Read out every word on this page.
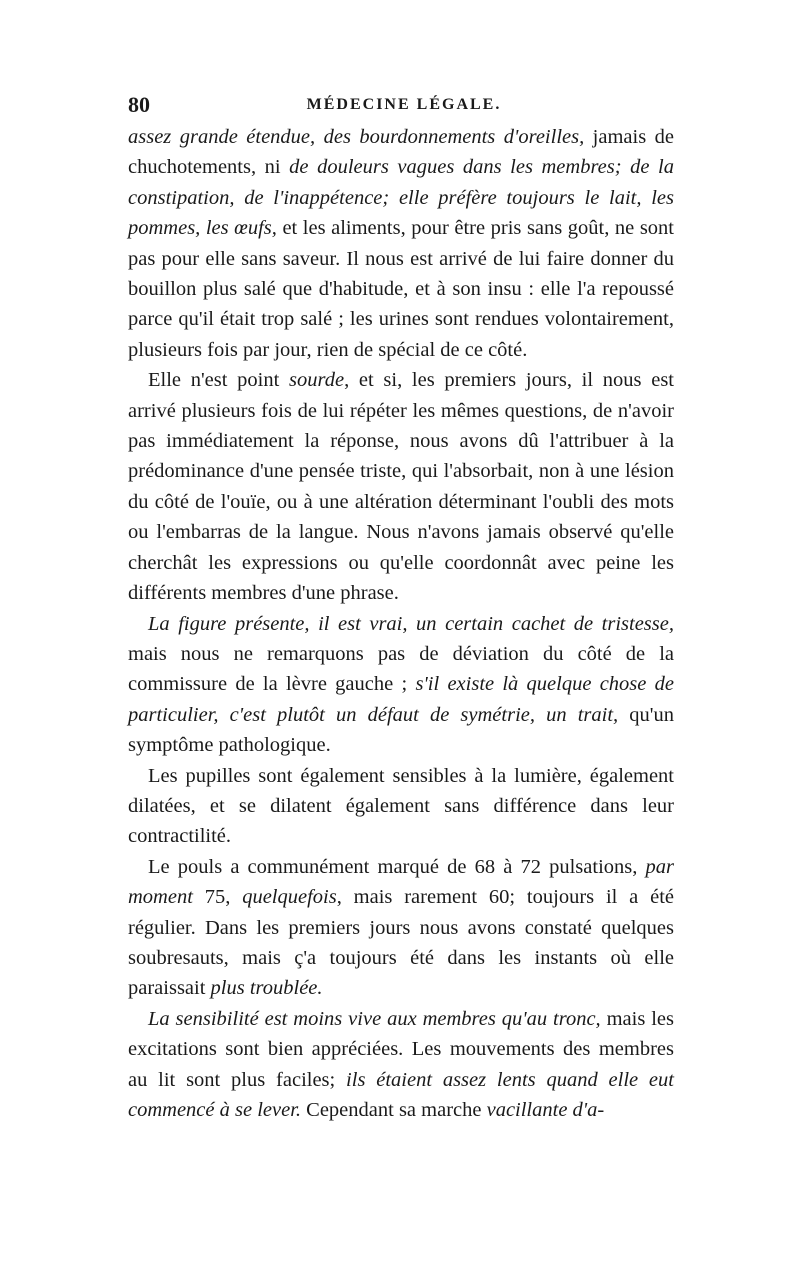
80	MÉDECINE LÉGALE.

assez grande étendue, des bourdonnements d'oreilles, jamais de chuchotements, ni de douleurs vagues dans les membres; de la constipation, de l'inappétence; elle préfère toujours le lait, les pommes, les œufs, et les aliments, pour être pris sans goût, ne sont pas pour elle sans saveur. Il nous est arrivé de lui faire donner du bouillon plus salé que d'habitude, et à son insu : elle l'a repoussé parce qu'il était trop salé ; les urines sont rendues volontairement, plusieurs fois par jour, rien de spécial de ce côté.

Elle n'est point sourde, et si, les premiers jours, il nous est arrivé plusieurs fois de lui répéter les mêmes questions, de n'avoir pas immédiatement la réponse, nous avons dû l'attribuer à la prédominance d'une pensée triste, qui l'absorbait, non à une lésion du côté de l'ouïe, ou à une altération déterminant l'oubli des mots ou l'embarras de la langue. Nous n'avons jamais observé qu'elle cherchât les expressions ou qu'elle coordonnât avec peine les différents membres d'une phrase.

La figure présente, il est vrai, un certain cachet de tristesse, mais nous ne remarquons pas de déviation du côté de la commissure de la lèvre gauche ; s'il existe là quelque chose de particulier, c'est plutôt un défaut de symétrie, un trait, qu'un symptôme pathologique.

Les pupilles sont également sensibles à la lumière, également dilatées, et se dilatent également sans différence dans leur contractilité.

Le pouls a communément marqué de 68 à 72 pulsations, par moment 75, quelquefois, mais rarement 60; toujours il a été régulier. Dans les premiers jours nous avons constaté quelques soubresauts, mais ç'a toujours été dans les instants où elle paraissait plus troublée.

La sensibilité est moins vive aux membres qu'au tronc, mais les excitations sont bien appréciées. Les mouvements des membres au lit sont plus faciles; ils étaient assez lents quand elle eut commencé à se lever. Cependant sa marche vacillante d'a-
